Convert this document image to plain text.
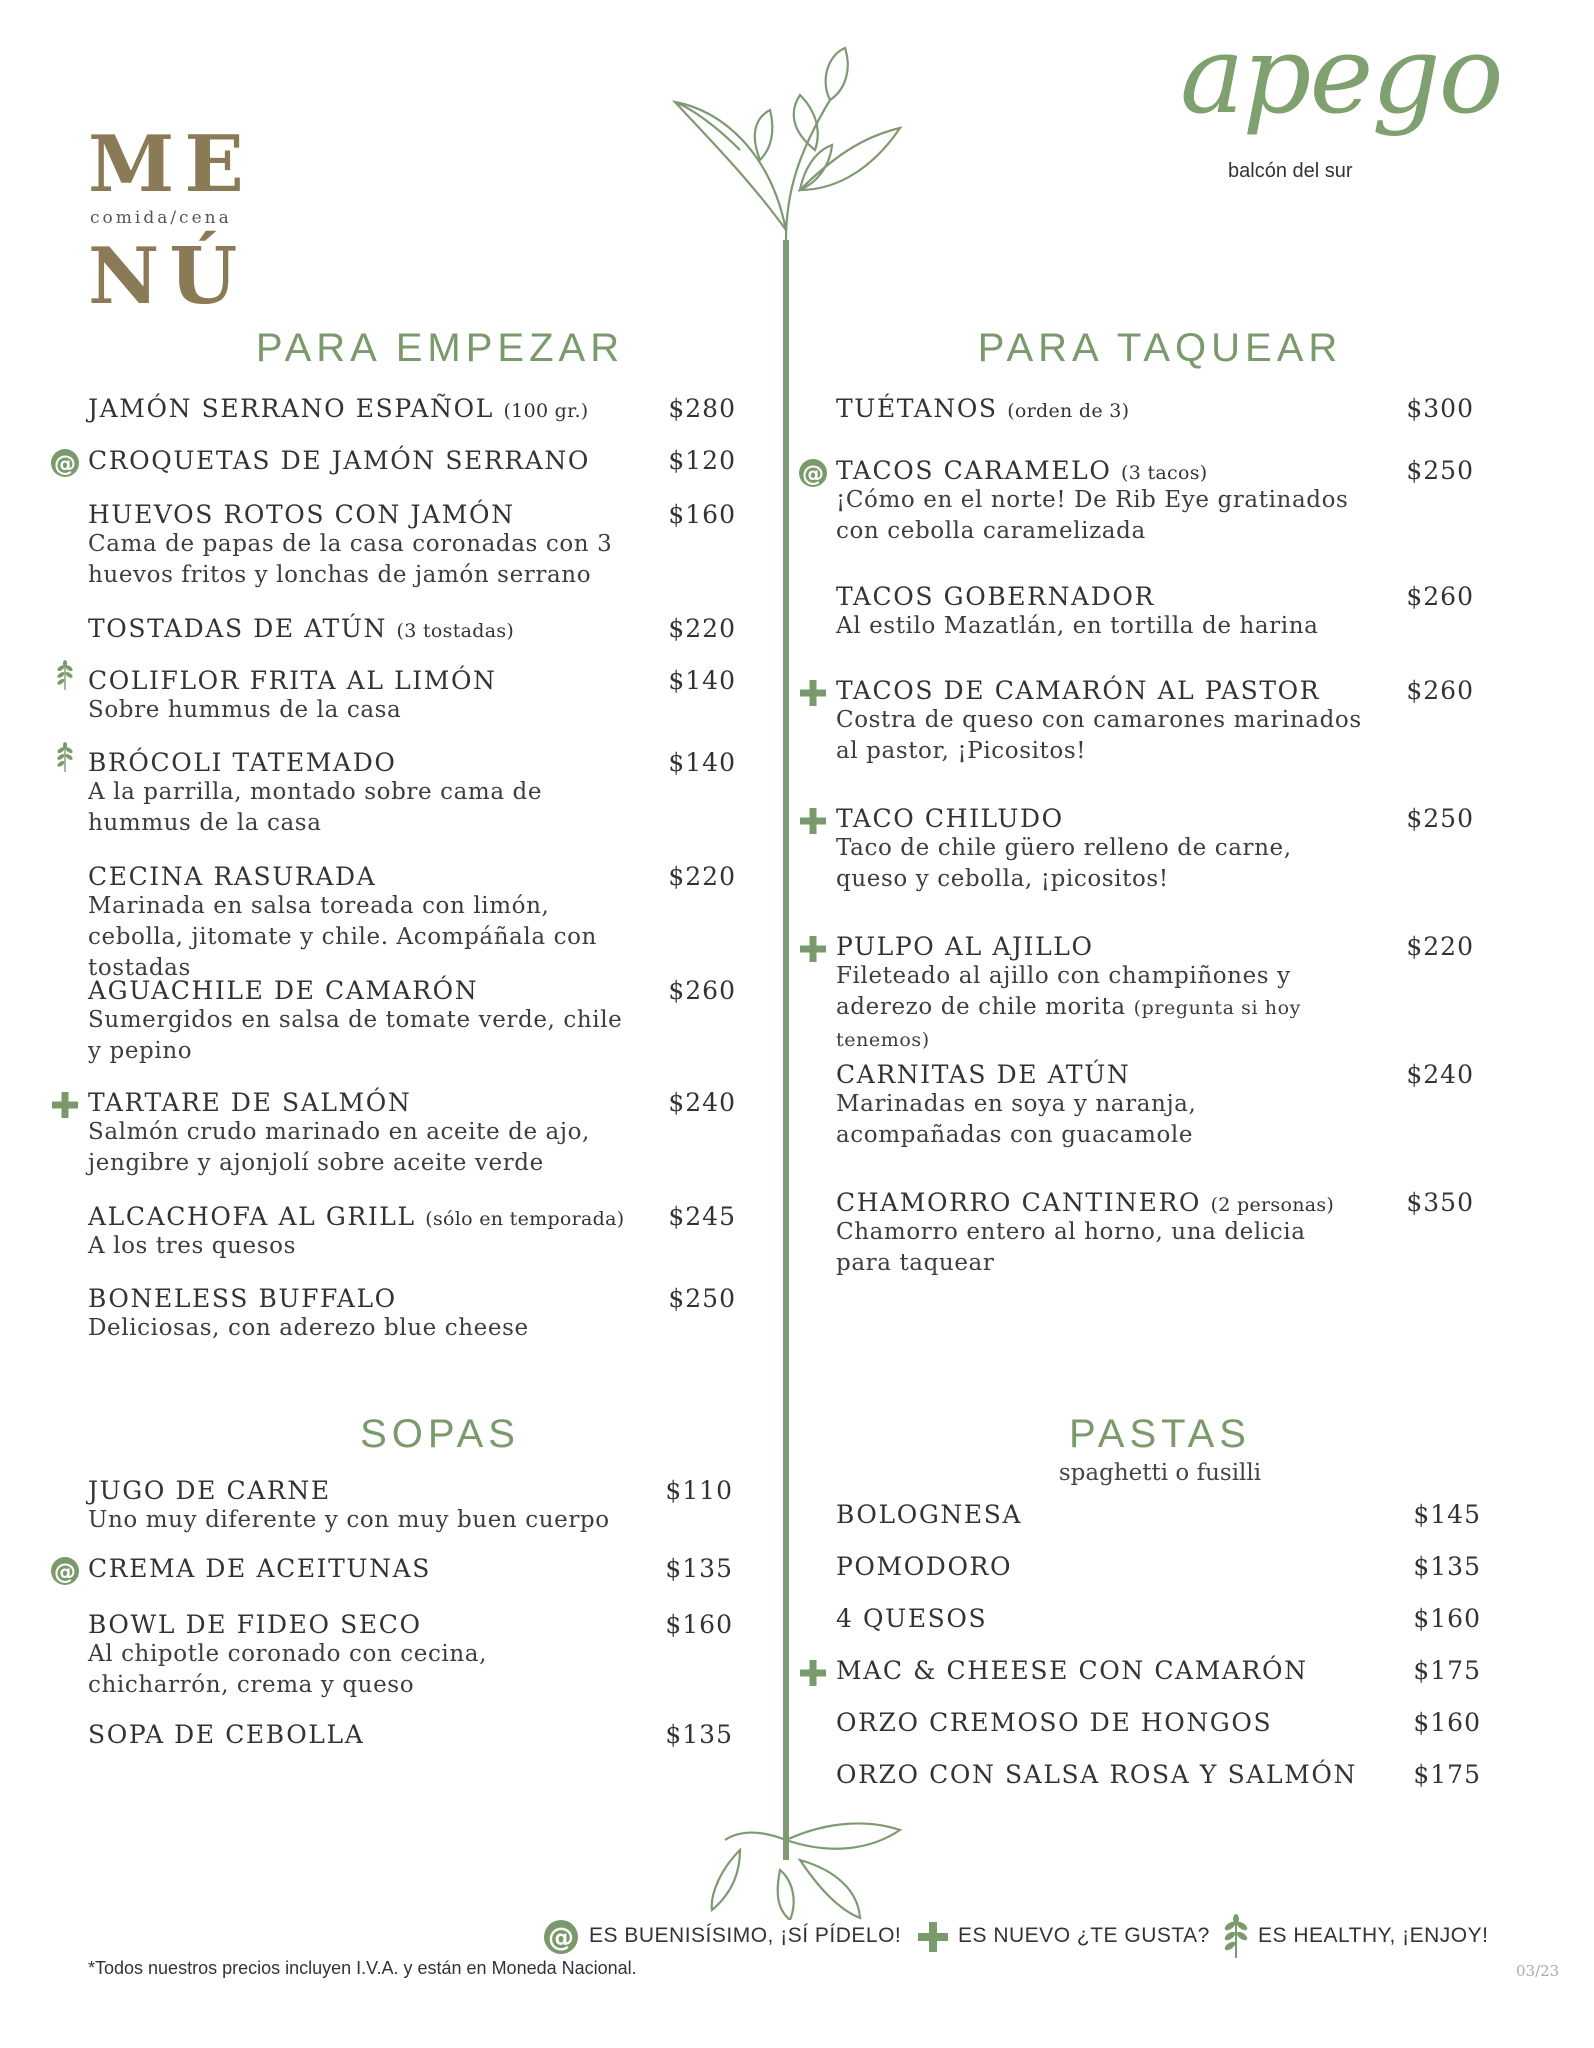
ME
comida/cena
NÚ
apego
balcón del sur
PARA EMPEZAR	PARA TAQUEAR
SOPAS	PASTAS
spaghetti o fusilli
JAMÓN SERRANO ESPAÑOL (100 gr.)	$280
CROQUETAS DE JAMÓN SERRANO	$120
@
HUEVOS ROTOS CON JAMÓN
Cama de papas de la casa coronadas con 3 huevos fritos y lonchas de jamón serrano
$160
TOSTADAS DE ATÚN (3 tostadas)	$220
COLIFLOR FRITA AL LIMÓN
Sobre hummus de la casa
$140
BRÓCOLI TATEMADO
A la parrilla, montado sobre cama de hummus de la casa
$140
CECINA RASURADA
Marinada en salsa toreada con limón, cebolla, jitomate y chile. Acompáñala con tostadas
$220
AGUACHILE DE CAMARÓN
Sumergidos en salsa de tomate verde, chile y pepino
$260
TARTARE DE SALMÓN
Salmón crudo marinado en aceite de ajo, jengibre y ajonjolí sobre aceite verde
$240
ALCACHOFA AL GRILL (sólo en temporada)
A los tres quesos
$245
BONELESS BUFFALO
Deliciosas, con aderezo blue cheese
$250
JUGO DE CARNE
Uno muy diferente y con muy buen cuerpo
$110
CREMA DE ACEITUNAS	$135
@
BOWL DE FIDEO SECO
Al chipotle coronado con cecina, chicharrón, crema y queso
$160
SOPA DE CEBOLLA	$135
TUÉTANOS (orden de 3)	$300
TACOS CARAMELO (3 tacos)
¡Cómo en el norte! De Rib Eye gratinados con cebolla caramelizada
$250
@
TACOS GOBERNADOR
Al estilo Mazatlán, en tortilla de harina
$260
TACOS DE CAMARÓN AL PASTOR
Costra de queso con camarones marinados al pastor, ¡Picositos!
$260
TACO CHILUDO
Taco de chile güero relleno de carne, queso y cebolla, ¡picositos!
$250
PULPO AL AJILLO
Fileteado al ajillo con champiñones y aderezo de chile morita (pregunta si hoy tenemos)
$220
CARNITAS DE ATÚN
Marinadas en soya y naranja, acompañadas con guacamole
$240
CHAMORRO CANTINERO (2 personas)
Chamorro entero al horno, una delicia para taquear
$350
BOLOGNESA	$145
POMODORO	$135
4 QUESOS	$160
MAC & CHEESE CON CAMARÓN	$175
ORZO CREMOSO DE HONGOS	$160
ORZO CON SALSA ROSA Y SALMÓN	$175
@ ES BUENISÍSIMO, ¡SÍ PÍDELO!	ES NUEVO ¿TE GUSTA? ES HEALTHY, ¡ENJOY!
*Todos nuestros precios incluyen I.V.A. y están en Moneda Nacional.	03/23
